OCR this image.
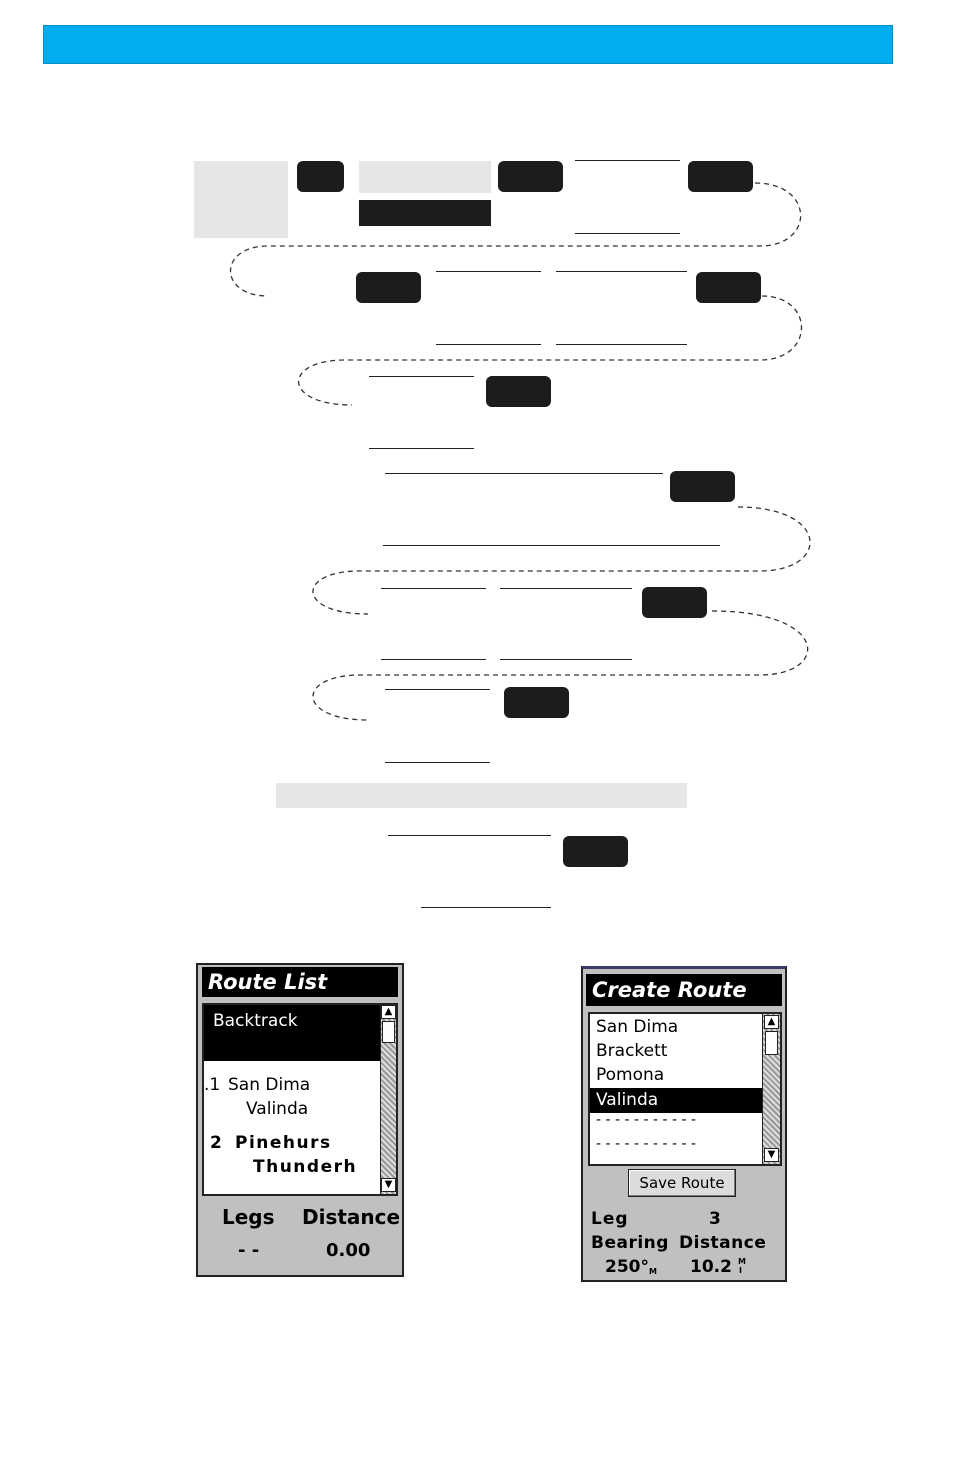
Route List
Backtrack
.1 San Dima
Valinda
2 Pinehurs
Thunderh
▲
▼
Legs Distance
- -	0.00
Create Route
San Dima
Brackett
Pomona
Valinda
- - - - - - - - - - -
- - - - - - - - - - -
▲
▼
Save Route
Leg	3
Bearing Distance
250° M 10.2 M
I
